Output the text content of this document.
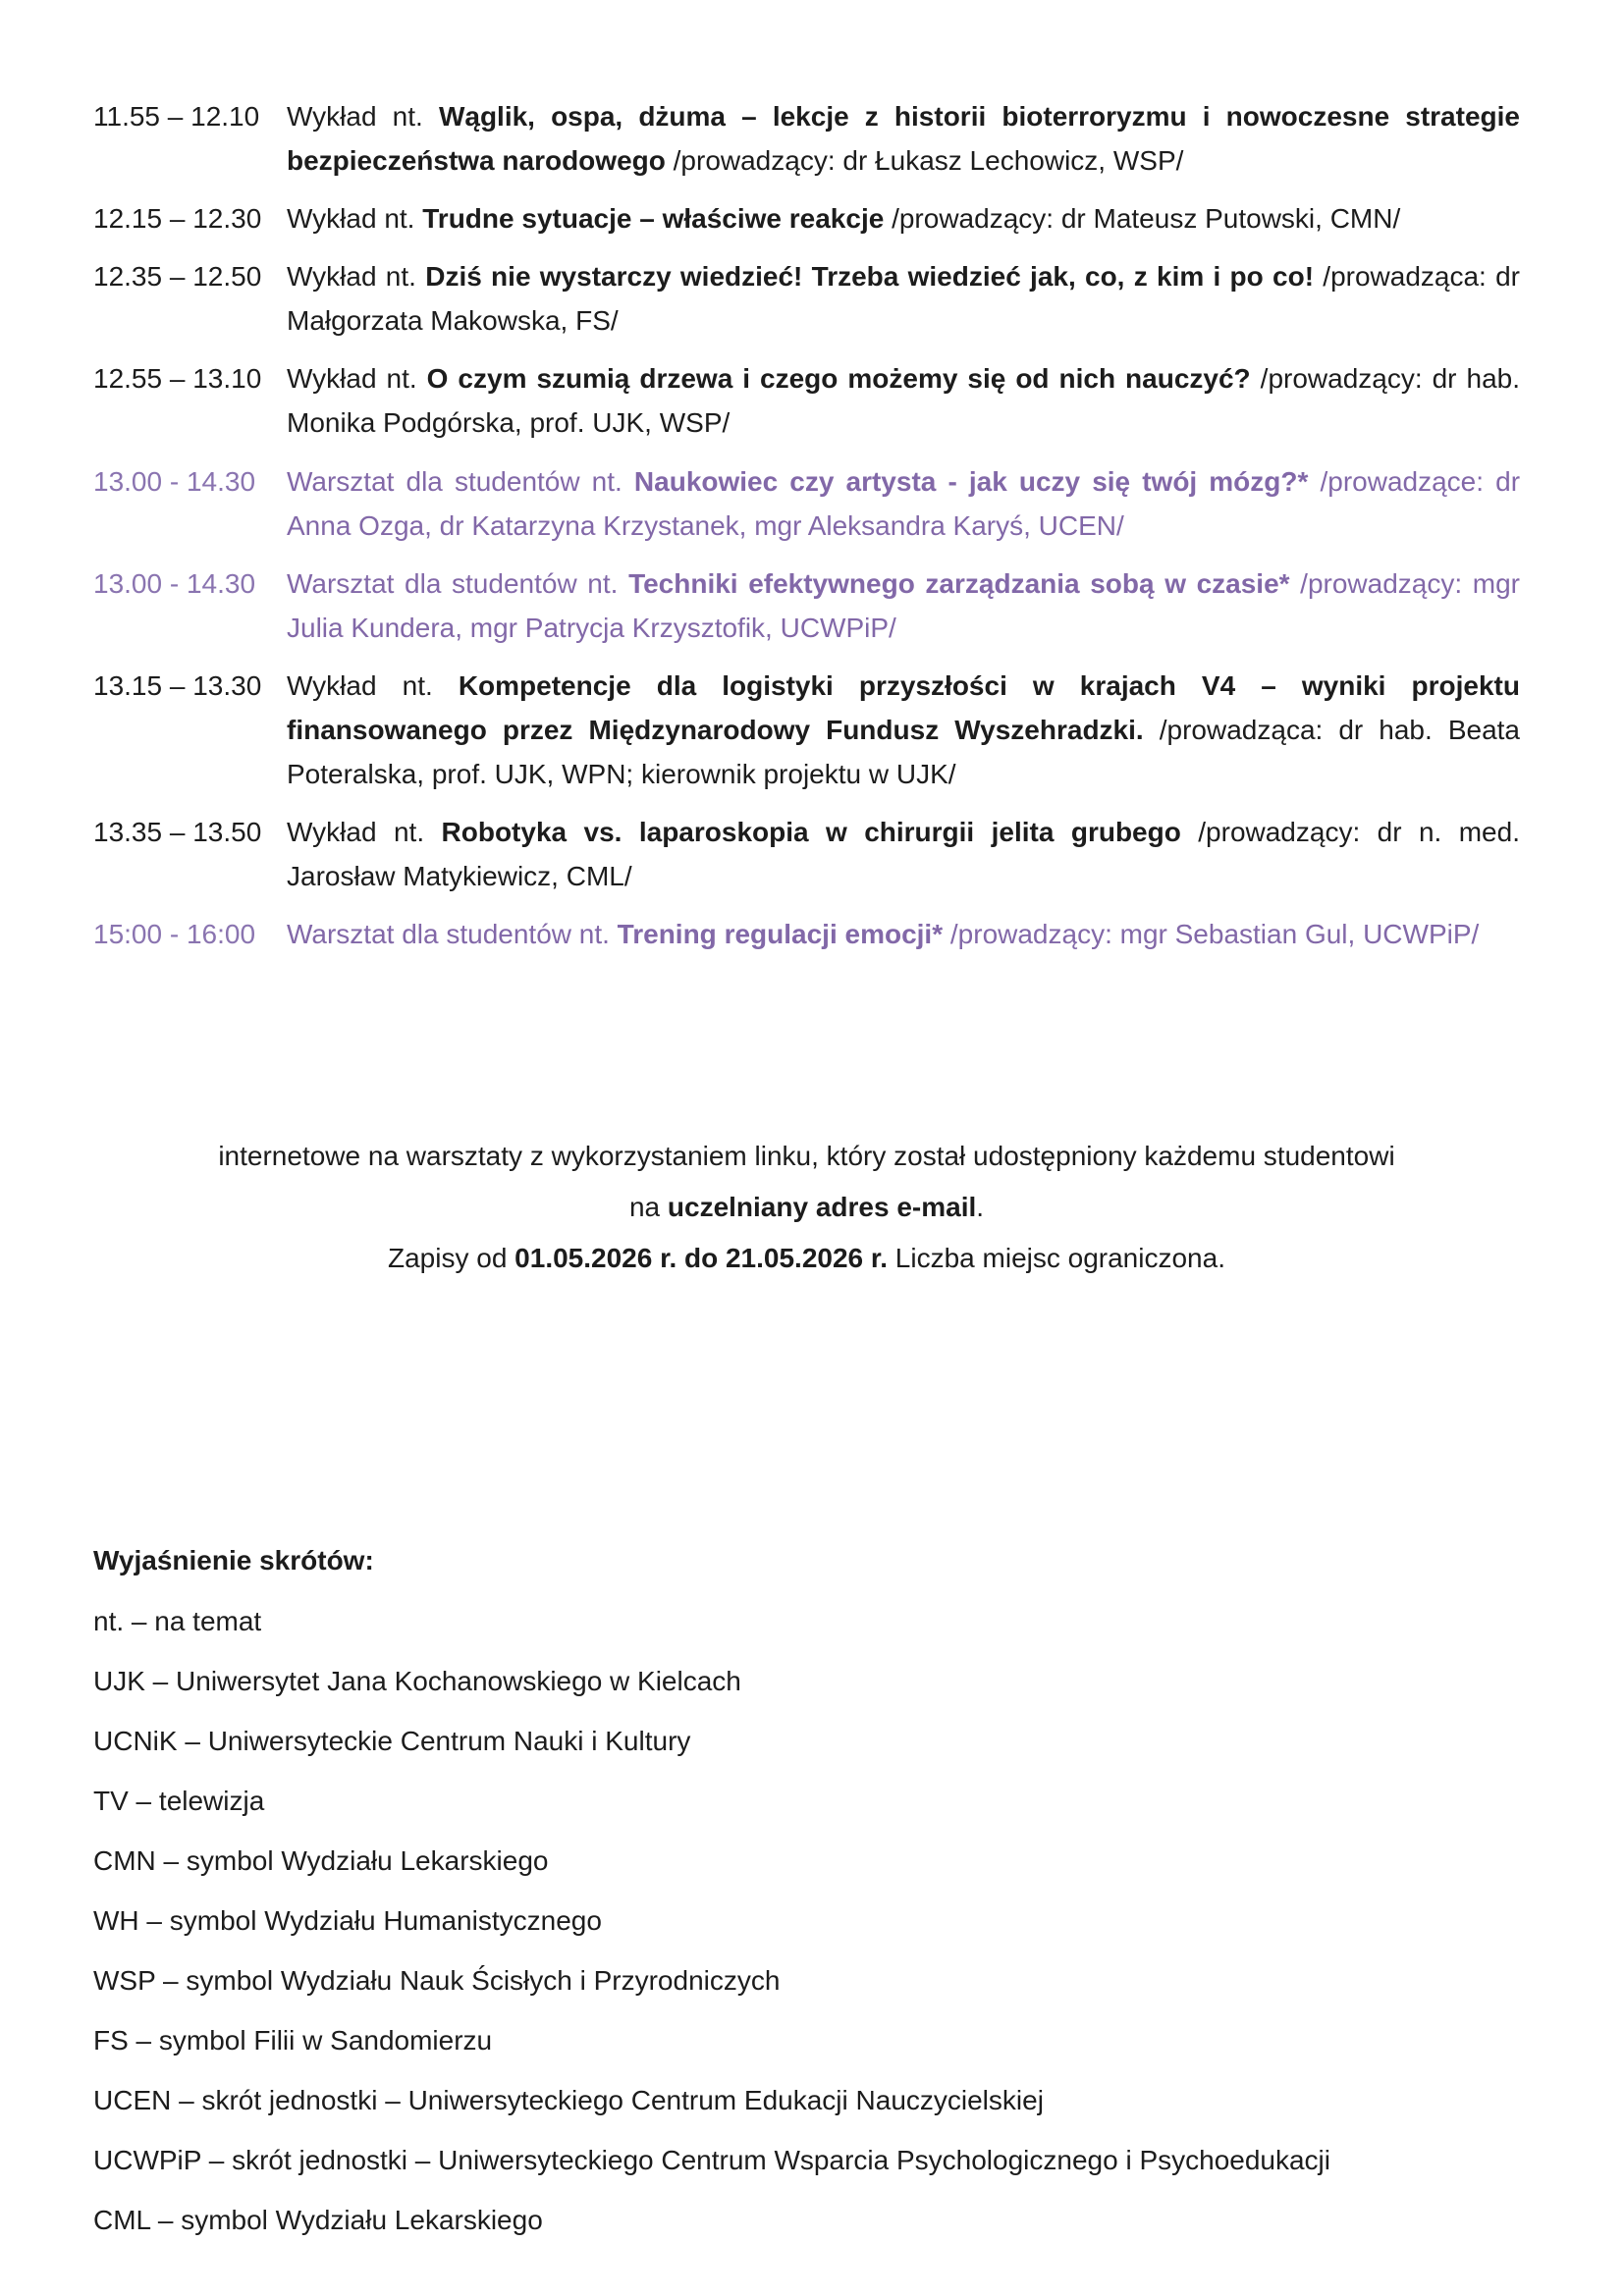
11.55 – 12.10 Wykład nt. Wąglik, ospa, dżuma – lekcje z historii bioterroryzmu i nowoczesne strategie bezpieczeństwa narodowego /prowadzący: dr Łukasz Lechowicz, WSP/
12.15 – 12.30 Wykład nt. Trudne sytuacje – właściwe reakcje /prowadzący: dr Mateusz Putowski, CMN/
12.35 – 12.50 Wykład nt. Dziś nie wystarczy wiedzieć! Trzeba wiedzieć jak, co, z kim i po co! /prowadząca: dr Małgorzata Makowska, FS/
12.55 – 13.10 Wykład nt. O czym szumią drzewa i czego możemy się od nich nauczyć? /prowadzący: dr hab. Monika Podgórska, prof. UJK, WSP/
13.00 - 14.30 Warsztat dla studentów nt. Naukowiec czy artysta - jak uczy się twój mózg?* /prowadzące: dr Anna Ozga, dr Katarzyna Krzystanek, mgr Aleksandra Karyś, UCEN/
13.00 - 14.30 Warsztat dla studentów nt. Techniki efektywnego zarządzania sobą w czasie* /prowadzący: mgr Julia Kundera, mgr Patrycja Krzysztofik, UCWPiP/
13.15 – 13.30 Wykład nt. Kompetencje dla logistyki przyszłości w krajach V4 – wyniki projektu finansowanego przez Międzynarodowy Fundusz Wyszehradzki. /prowadząca: dr hab. Beata Poteralska, prof. UJK, WPN; kierownik projektu w UJK/
13.35 – 13.50 Wykład nt. Robotyka vs. laparoskopia w chirurgii jelita grubego /prowadzący: dr n. med. Jarosław Matykiewicz, CML/
15:00 - 16:00 Warsztat dla studentów nt. Trening regulacji emocji* /prowadzący: mgr Sebastian Gul, UCWPiP/
internetowe na warsztaty z wykorzystaniem linku, który został udostępniony każdemu studentowi
na uczelniany adres e-mail.
Zapisy od 01.05.2026 r. do 21.05.2026 r. Liczba miejsc ograniczona.
Wyjaśnienie skrótów:
nt. – na temat
UJK – Uniwersytet Jana Kochanowskiego w Kielcach
UCNiK – Uniwersyteckie Centrum Nauki i Kultury
TV – telewizja
CMN – symbol Wydziału Lekarskiego
WH – symbol Wydziału Humanistycznego
WSP – symbol Wydziału Nauk Ścisłych i Przyrodniczych
FS – symbol Filii w Sandomierzu
UCEN – skrót jednostki – Uniwersyteckiego Centrum Edukacji Nauczycielskiej
UCWPiP – skrót jednostki – Uniwersyteckiego Centrum Wsparcia Psychologicznego i Psychoedukacji
CML – symbol Wydziału Lekarskiego
